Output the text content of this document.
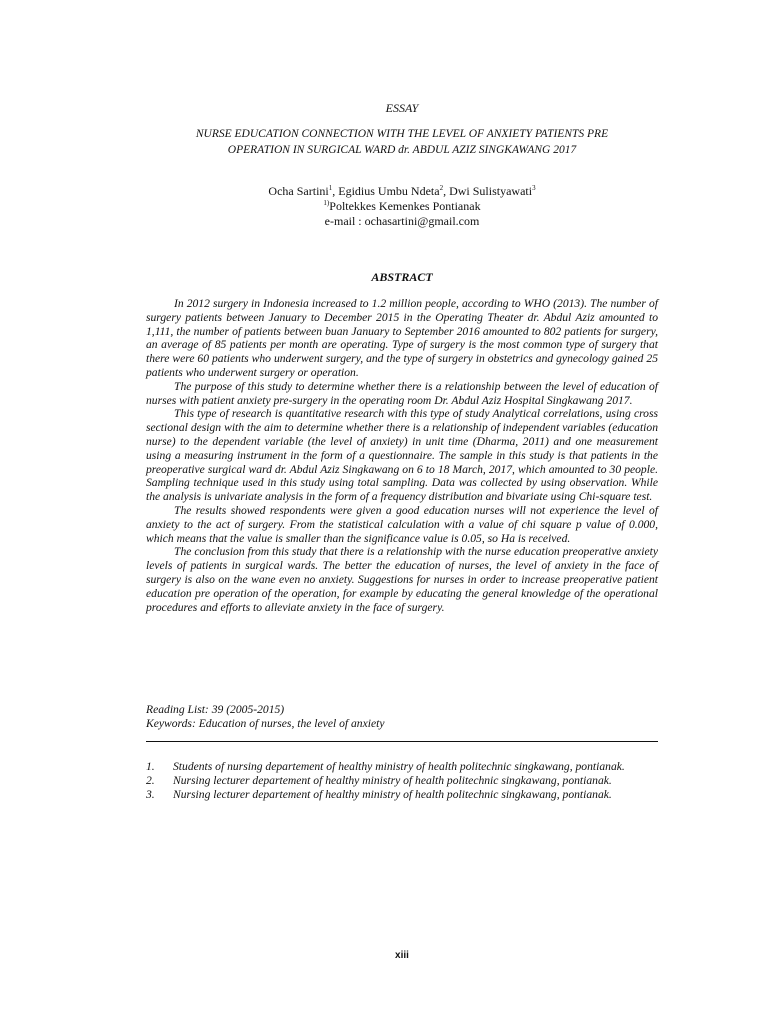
ESSAY
NURSE EDUCATION CONNECTION WITH THE LEVEL OF ANXIETY PATIENTS PRE
OPERATION IN SURGICAL WARD dr. ABDUL AZIZ SINGKAWANG 2017
Ocha Sartini$^1$, Egidius Umbu Ndeta$^2$, Dwi Sulistyawati$^3$
$^{1)}$Poltekkes Kemenkes Pontianak
e-mail : ochasartini@gmail.com
ABSTRACT

In 2012 surgery in Indonesia increased to 1.2 million people, according to WHO (2013). The number of surgery patients between January to December 2015 in the Operating Theater dr. Abdul Aziz amounted to 1,111, the number of patients between buan January to September 2016 amounted to 802 patients for surgery, an average of 85 patients per month are operating. Type of surgery is the most common type of surgery that there were 60 patients who underwent surgery, and the type of surgery in obstetrics and gynecology gained 25 patients who underwent surgery or operation.

The purpose of this study to determine whether there is a relationship between the level of education of nurses with patient anxiety pre-surgery in the operating room Dr. Abdul Aziz Hospital Singkawang 2017.

This type of research is quantitative research with this type of study Analytical correlations, using cross sectional design with the aim to determine whether there is a relationship of independent variables (education nurse) to the dependent variable (the level of anxiety) in unit time (Dharma, 2011) and one measurement using a measuring instrument in the form of a questionnaire. The sample in this study is that patients in the preoperative surgical ward dr. Abdul Aziz Singkawang on 6 to 18 March, 2017, which amounted to 30 people. Sampling technique used in this study using total sampling. Data was collected by using observation. While the analysis is univariate analysis in the form of a frequency distribution and bivariate using Chi-square test.

The results showed respondents were given a good education nurses will not experience the level of anxiety to the act of surgery. From the statistical calculation with a value of chi square p value of 0.000, which means that the value is smaller than the significance value is 0.05, so Ha is received.

The conclusion from this study that there is a relationship with the nurse education preoperative anxiety levels of patients in surgical wards. The better the education of nurses, the level of anxiety in the face of surgery is also on the wane even no anxiety. Suggestions for nurses in order to increase preoperative patient education pre operation of the operation, for example by educating the general knowledge of the operational procedures and efforts to alleviate anxiety in the face of surgery.

Reading List: 39 (2005-2015)
Keywords: Education of nurses, the level of anxiety
1.	Students of nursing departement of healthy ministry of health politechnic singkawang, pontianak.
2.	Nursing lecturer departement of healthy ministry of health politechnic singkawang, pontianak.
3.	Nursing lecturer departement of healthy ministry of health politechnic singkawang, pontianak.
xiii
